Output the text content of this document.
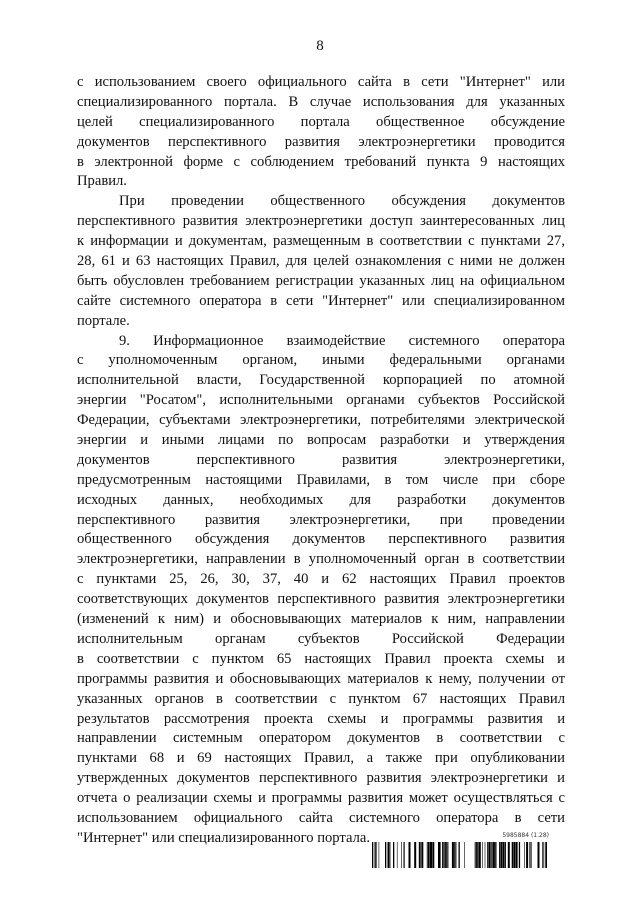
8
с использованием своего официального сайта в сети "Интернет" или
специализированного портала. В случае использования для указанных
целей специализированного портала общественное обсуждение
документов перспективного развития электроэнергетики проводится
в электронной форме с соблюдением требований пункта 9 настоящих
Правил.
При проведении общественного обсуждения документов
перспективного развития электроэнергетики доступ заинтересованных лиц
к информации и документам, размещенным в соответствии с пунктами 27,
28, 61 и 63 настоящих Правил, для целей ознакомления с ними не должен
быть обусловлен требованием регистрации указанных лиц на официальном
сайте системного оператора в сети "Интернет" или специализированном
портале.
9. Информационное взаимодействие системного оператора
с уполномоченным органом, иными федеральными органами
исполнительной власти, Государственной корпорацией по атомной
энергии "Росатом", исполнительными органами субъектов Российской
Федерации, субъектами электроэнергетики, потребителями электрической
энергии и иными лицами по вопросам разработки и утверждения
документов перспективного развития электроэнергетики,
предусмотренным настоящими Правилами, в том числе при сборе
исходных данных, необходимых для разработки документов
перспективного развития электроэнергетики, при проведении
общественного обсуждения документов перспективного развития
электроэнергетики, направлении в уполномоченный орган в соответствии
с пунктами 25, 26, 30, 37, 40 и 62 настоящих Правил проектов
соответствующих документов перспективного развития электроэнергетики
(изменений к ним) и обосновывающих материалов к ним, направлении
исполнительным органам субъектов Российской Федерации
в соответствии с пунктом 65 настоящих Правил проекта схемы и
программы развития и обосновывающих материалов к нему, получении от
указанных органов в соответствии с пунктом 67 настоящих Правил
результатов рассмотрения проекта схемы и программы развития и
направлении системным оператором документов в соответствии с
пунктами 68 и 69 настоящих Правил, а также при опубликовании
утвержденных документов перспективного развития электроэнергетики и
отчета о реализации схемы и программы развития может осуществляться с
использованием официального сайта системного оператора в сети
"Интернет" или специализированного портала.	5985884 (1.28)
